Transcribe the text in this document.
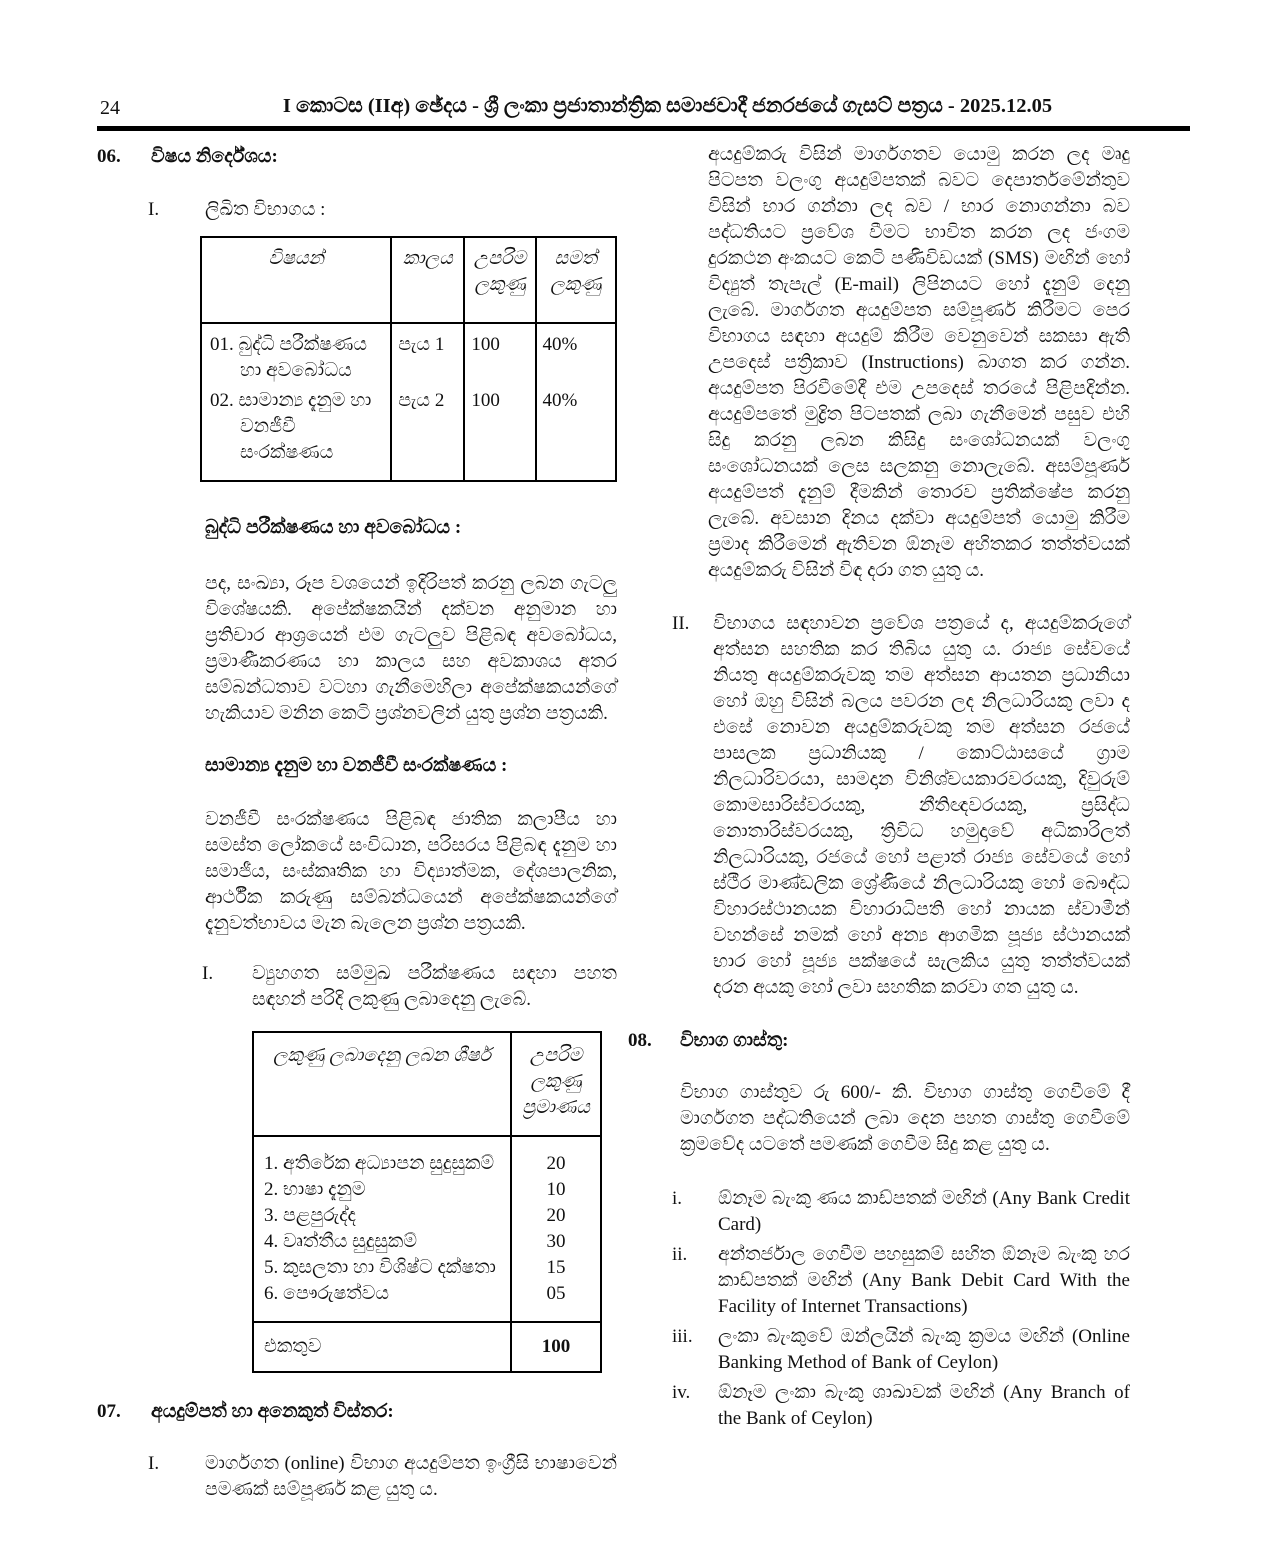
24	I කොටස (IIඅ) ඡේදය - ශ්‍රී ලංකා ප්‍රජාතාන්ත්‍රික සමාජවාදී ජනරජයේ ගැසට් පත්‍රය - 2025.12.05
06.	විෂය නිර්දේශය:
I.	ලිඛිත විභාගය :
විෂයන්	කාලය	උපරිම ලකුණු	සමත් ලකුණු
01. බුද්ධි පරීක්ෂණය හා අවබෝධය	පැය 1	100	40%
02. සාමාන්‍ය දැනුම හා වනජීවී සංරක්ෂණය	පැය 2	100	40%
බුද්ධි පරීක්ෂණය හා අවබෝධය :
පද, සංඛ්‍යා, රූප වශයෙන් ඉදිරිපත් කරනු ලබන ගැටලු විශේෂයකි. අපේක්ෂකයින් දක්වන අනුමාන හා ප්‍රතිචාර ආශ්‍රයෙන් එම ගැටලුව පිළිබඳ අවබෝධය, ප්‍රමාණීකරණය හා කාලය සහ අවකාශය අතර සම්බන්ධතාව වටහා ගැනීමෙහිලා අපේක්ෂකයන්ගේ හැකියාව මනින කෙටි ප්‍රශ්නවලින් යුතු ප්‍රශ්න පත්‍රයකි.
සාමාන්‍ය දැනුම හා වනජීවී සංරක්ෂණය :
වනජීවී සංරක්ෂණය පිළිබඳ ජාතික කලාපීය හා සමස්ත ලෝකයේ සංවිධාන, පරිසරය පිළිබඳ දැනුම හා සමාජීය, සංස්කෘතික හා විද්‍යාත්මක, දේශපාලනික, ආර්ථීක කරුණු සම්බන්ධයෙන් අපේක්ෂකයන්ගේ දැනුවත්භාවය මැන බැලෙන ප්‍රශ්න පත්‍රයකි.
I.	ව්‍යුහගත සම්මුඛ පරීක්ෂණය සඳහා පහත සඳහන් පරිදි ලකුණු ලබාදෙනු ලැබේ.
ලකුණු ලබාදෙනු ලබන ශීර්ෂ	උපරිම ලකුණු ප්‍රමාණය
1. අතිරේක අධ්‍යාපන සුදුසුකම්	20
2. භාෂා දැනුම	10
3. පළපුරුද්ද	20
4. වෘත්තීය සුදුසුකම්	30
5. කුසලතා හා විශිෂ්ට දක්ෂතා	15
6. පෞරුෂත්වය	05
එකතුව	100
07.	අයදුම්පත් හා අනෙකුත් විස්තර:
I.	මාර්ගගත (online) විභාග අයදුම්පත ඉංග්‍රීසි භාෂාවෙන් පමණක් සම්පූර්ණ කළ යුතු ය.
අයදුම්කරු විසින් මාර්ගගතව යොමු කරන ලද මෘදු පිටපත වලංගු අයදුම්පතක් බවට දෙපාර්තමේන්තුව විසින් භාර ගන්නා ලද බව / භාර නොගන්නා බව පද්ධතියට ප්‍රවේශ වීමට භාවිත කරන ලද ජංගම දුරකථන අංකයට කෙටි පණිවිඩයක් (SMS) මඟින් හෝ විද්‍යුත් තැපැල් (E-mail) ලිපිනයට හෝ දැනුම් දෙනු ලැබේ. මාර්ගගත අයදුම්පත සම්පූර්ණ කිරීමට පෙර විභාගය සඳහා අයදුම් කිරීම වෙනුවෙන් සකසා ඇති උපදෙස් පත්‍රිකාව (Instructions) බාගත කර ගන්න. අයදුම්පත පිරවීමේදී එම උපදෙස් තරයේ පිළිපදින්න. අයදුම්පතේ මුද්‍රිත පිටපතක් ලබා ගැනීමෙන් පසුව එහි සිදු කරනු ලබන කිසිදු සංශෝධනයක් වලංගු සංශෝධනයක් ලෙස සලකනු නොලැබේ. අසම්පූර්ණ අයදුම්පත් දැනුම් දීමකින් තොරව ප්‍රතික්ෂේප කරනු ලැබේ. අවසාන දිනය දක්වා අයදුම්පත් යොමු කිරීම ප්‍රමාද කිරීමෙන් ඇතිවන ඕනෑම අහිතකර තත්ත්වයක් අයදුම්කරු විසින් විඳ දරා ගත යුතු ය.
II.	විභාගය සඳහාවන ප්‍රවේශ පත්‍රයේ ද, අයදුම්කරුගේ අත්සන සහතික කර තිබිය යුතු ය. රාජ්‍ය සේවයේ නියතු අයදුම්කරුවකු තම අත්සන ආයතන ප්‍රධානියා හෝ ඔහු විසින් බලය පවරන ලද නිලධාරියකු ලවා ද එසේ නොවන අයදුම්කරුවකු තම අත්සන රජයේ පාසලක ප්‍රධානියකු / කොට්ඨාසයේ ග්‍රාම නිලධාරිවරයා, සාමදාන විනිශ්චයකාරවරයකු, දිවුරුම් කොමසාරිස්වරයකු, නීතිඥවරයකු, ප්‍රසිද්ධ නොතාරිස්වරයකු, ත්‍රිවිධ හමුදාවේ අධිකාරිලත් නිලධාරියකු, රජයේ හෝ පළාත් රාජ්‍ය සේවයේ හෝ ස්ථීර මාණ්ඩලික ශ්‍රේණියේ නිලධාරියකු හෝ බෞද්ධ විහාරස්ථානයක විහාරාධිපති හෝ නායක ස්වාමීන් වහන්සේ නමක් හෝ අන්‍ය ආගමික පූජ්‍ය ස්ථානයක් භාර හෝ පූජ්‍ය පක්ෂයේ සැලකිය යුතු තත්ත්වයක් දරන අයකු හෝ ලවා සහතික කරවා ගත යුතු ය.
08.	විභාග ගාස්තු:
විභාග ගාස්තුව රු 600/- කි. විභාග ගාස්තු ගෙවීමේ දී මාර්ගගත පද්ධතියෙන් ලබා දෙන පහත ගාස්තු ගෙවීමේ ක්‍රමවේද යටතේ පමණක් ගෙවීම සිදු කළ යුතු ය.
i.	ඕනෑම බැංකු ණය කාඩ්පතක් මඟින් (Any Bank Credit Card)
ii.	අන්තර්ජාල ගෙවීම පහසුකම් සහිත ඕනෑම බැංකු හර කාඩ්පතක් මඟින් (Any Bank Debit Card With the Facility of Internet Transactions)
iii.	ලංකා බැංකුවේ ඔන්ලයින් බැංකු ක්‍රමය මඟින් (Online Banking Method of Bank of Ceylon)
iv.	ඕනෑම ලංකා බැංකු ශාඛාවක් මඟින් (Any Branch of the Bank of Ceylon)
